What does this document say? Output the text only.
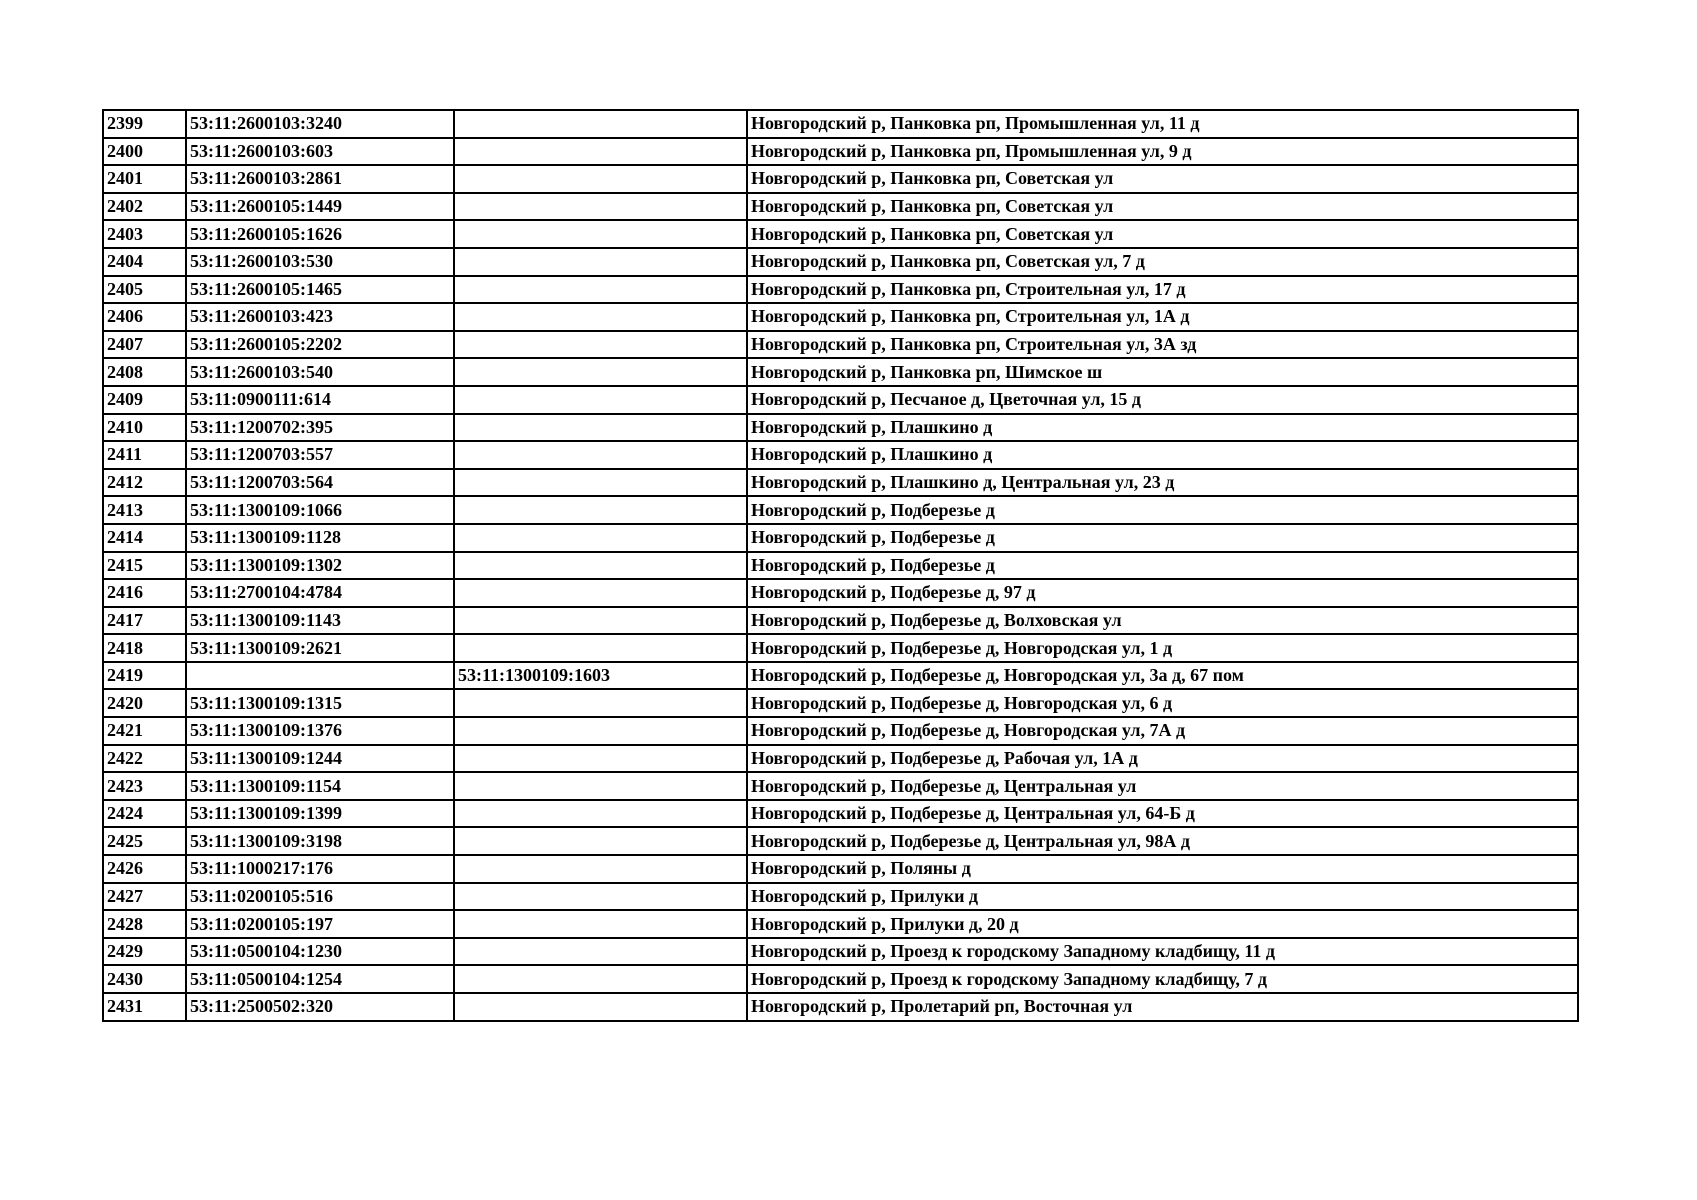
2399	53:11:2600103:3240		Новгородский р, Панковка рп, Промышленная ул, 11 д
2400	53:11:2600103:603		Новгородский р, Панковка рп, Промышленная ул, 9 д
2401	53:11:2600103:2861		Новгородский р, Панковка рп, Советская ул
2402	53:11:2600105:1449		Новгородский р, Панковка рп, Советская ул
2403	53:11:2600105:1626		Новгородский р, Панковка рп, Советская ул
2404	53:11:2600103:530		Новгородский р, Панковка рп, Советская ул, 7 д
2405	53:11:2600105:1465		Новгородский р, Панковка рп, Строительная ул, 17 д
2406	53:11:2600103:423		Новгородский р, Панковка рп, Строительная ул, 1А д
2407	53:11:2600105:2202		Новгородский р, Панковка рп, Строительная ул, 3А зд
2408	53:11:2600103:540		Новгородский р, Панковка рп, Шимское ш
2409	53:11:0900111:614		Новгородский р, Песчаное д, Цветочная ул, 15 д
2410	53:11:1200702:395		Новгородский р, Плашкино д
2411	53:11:1200703:557		Новгородский р, Плашкино д
2412	53:11:1200703:564		Новгородский р, Плашкино д, Центральная ул, 23 д
2413	53:11:1300109:1066		Новгородский р, Подберезье д
2414	53:11:1300109:1128		Новгородский р, Подберезье д
2415	53:11:1300109:1302		Новгородский р, Подберезье д
2416	53:11:2700104:4784		Новгородский р, Подберезье д, 97 д
2417	53:11:1300109:1143		Новгородский р, Подберезье д, Волховская ул
2418	53:11:1300109:2621		Новгородский р, Подберезье д, Новгородская ул, 1 д
2419		53:11:1300109:1603	Новгородский р, Подберезье д, Новгородская ул, 3а д, 67 пом
2420	53:11:1300109:1315		Новгородский р, Подберезье д, Новгородская ул, 6 д
2421	53:11:1300109:1376		Новгородский р, Подберезье д, Новгородская ул, 7А д
2422	53:11:1300109:1244		Новгородский р, Подберезье д, Рабочая ул, 1А д
2423	53:11:1300109:1154		Новгородский р, Подберезье д, Центральная ул
2424	53:11:1300109:1399		Новгородский р, Подберезье д, Центральная ул, 64-Б д
2425	53:11:1300109:3198		Новгородский р, Подберезье д, Центральная ул, 98А д
2426	53:11:1000217:176		Новгородский р, Поляны д
2427	53:11:0200105:516		Новгородский р, Прилуки д
2428	53:11:0200105:197		Новгородский р, Прилуки д, 20 д
2429	53:11:0500104:1230		Новгородский р, Проезд к городскому Западному кладбищу, 11 д
2430	53:11:0500104:1254		Новгородский р, Проезд к городскому Западному кладбищу, 7 д
2431	53:11:2500502:320		Новгородский р, Пролетарий рп, Восточная ул
